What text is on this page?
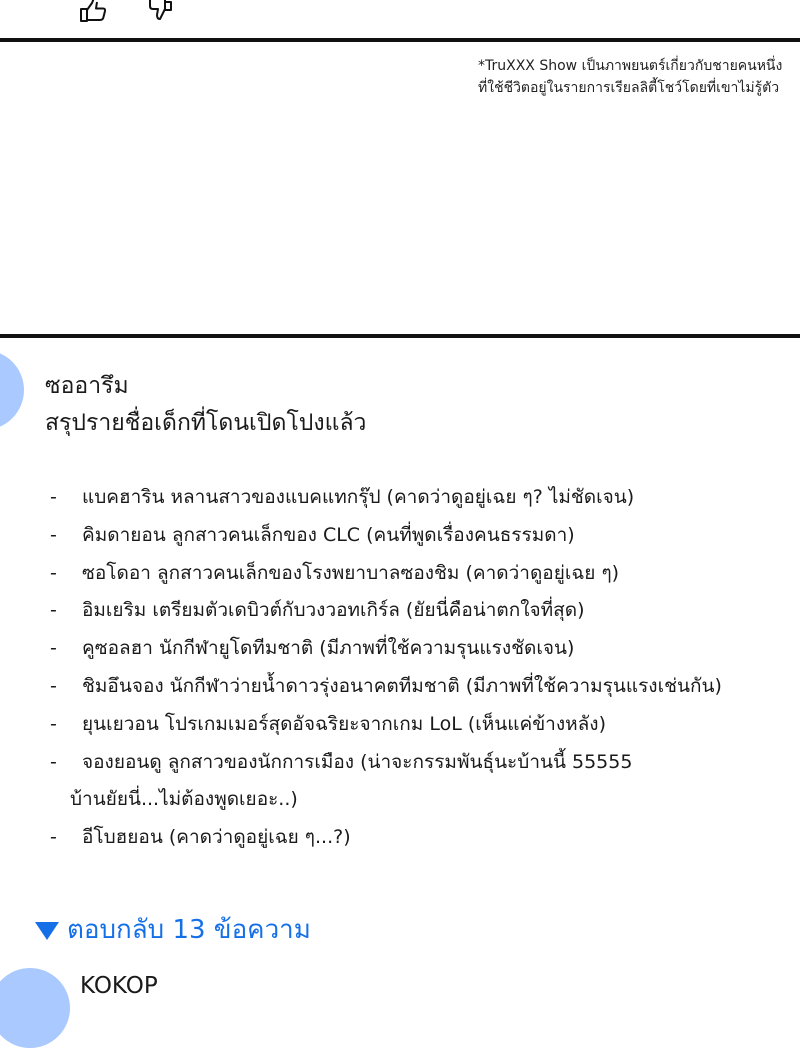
*TruXXX Show เป็นภาพยนตร์เกี่ยวกับชายคนหนึ่ง
ที่ใช้ชีวิตอยู่ในรายการเรียลลิตี้โชว์โดยที่เขาไม่รู้ตัว
ซออารึม
สรุปรายชื่อเด็กที่โดนเปิดโปงแล้ว
-	แบคฮาริน หลานสาวของแบคแทกรุ๊ป (คาดว่าดูอยู่เฉย ๆ? ไม่ชัดเจน)
-	คิมดายอน ลูกสาวคนเล็กของ CLC (คนที่พูดเรื่องคนธรรมดา)
-	ซอโดอา ลูกสาวคนเล็กของโรงพยาบาลซองชิม (คาดว่าดูอยู่เฉย ๆ)
-	อิมเยริม เตรียมตัวเดบิวต์กับวงวอทเกิร์ล (ยัยนี่คือน่าตกใจที่สุด)
-	คูซอลฮา นักกีฬายูโดทีมชาติ (มีภาพที่ใช้ความรุนแรงชัดเจน)
-	ชิมอึนจอง นักกีฬาว่ายน้ำดาวรุ่งอนาคตทีมชาติ (มีภาพที่ใช้ความรุนแรงเช่นกัน)
-	ยุนเยวอน โปรเกมเมอร์สุดอัจฉริยะจากเกม LoL (เห็นแค่ข้างหลัง)
-	จองยอนดู ลูกสาวของนักการเมือง (น่าจะกรรมพันธุ์นะบ้านนี้ 55555
บ้านยัยนี่...ไม่ต้องพูดเยอะ..)
-	อีโบฮยอน (คาดว่าดูอยู่เฉย ๆ...?)
ตอบกลับ 13 ข้อความ
KOKOP
